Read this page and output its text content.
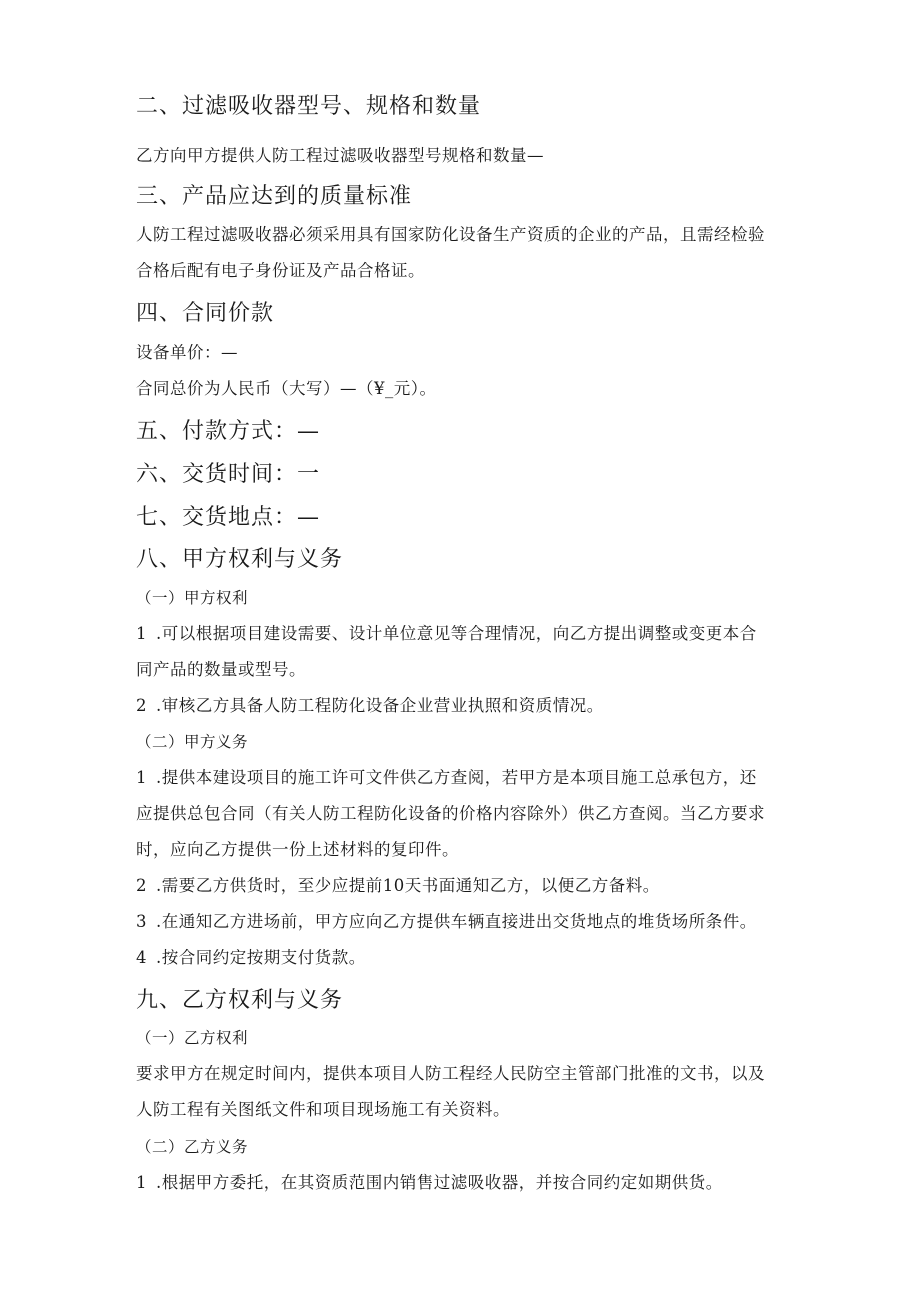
二、过滤吸收器型号、规格和数量
乙方向甲方提供人防工程过滤吸收器型号规格和数量—
三、产品应达到的质量标准
人防工程过滤吸收器必须采用具有国家防化设备生产资质的企业的产品，且需经检验
合格后配有电子身份证及产品合格证。
四、合同价款
设备单价：—
合同总价为人民币（大写）—（¥_元）。
五、付款方式：—
六、交货时间：一
七、交货地点：—
八、甲方权利与义务
（一）甲方权利
1 .可以根据项目建设需要、设计单位意见等合理情况，向乙方提出调整或变更本合
同产品的数量或型号。
2 .审核乙方具备人防工程防化设备企业营业执照和资质情况。
（二）甲方义务
1 .提供本建设项目的施工许可文件供乙方查阅，若甲方是本项目施工总承包方，还
应提供总包合同（有关人防工程防化设备的价格内容除外）供乙方查阅。当乙方要求
时，应向乙方提供一份上述材料的复印件。
2 .需要乙方供货时，至少应提前10天书面通知乙方，以便乙方备料。
3 .在通知乙方进场前，甲方应向乙方提供车辆直接进出交货地点的堆货场所条件。
4 .按合同约定按期支付货款。
九、乙方权利与义务
（一）乙方权利
要求甲方在规定时间内，提供本项目人防工程经人民防空主管部门批准的文书，以及
人防工程有关图纸文件和项目现场施工有关资料。
（二）乙方义务
1 .根据甲方委托，在其资质范围内销售过滤吸收器，并按合同约定如期供货。
